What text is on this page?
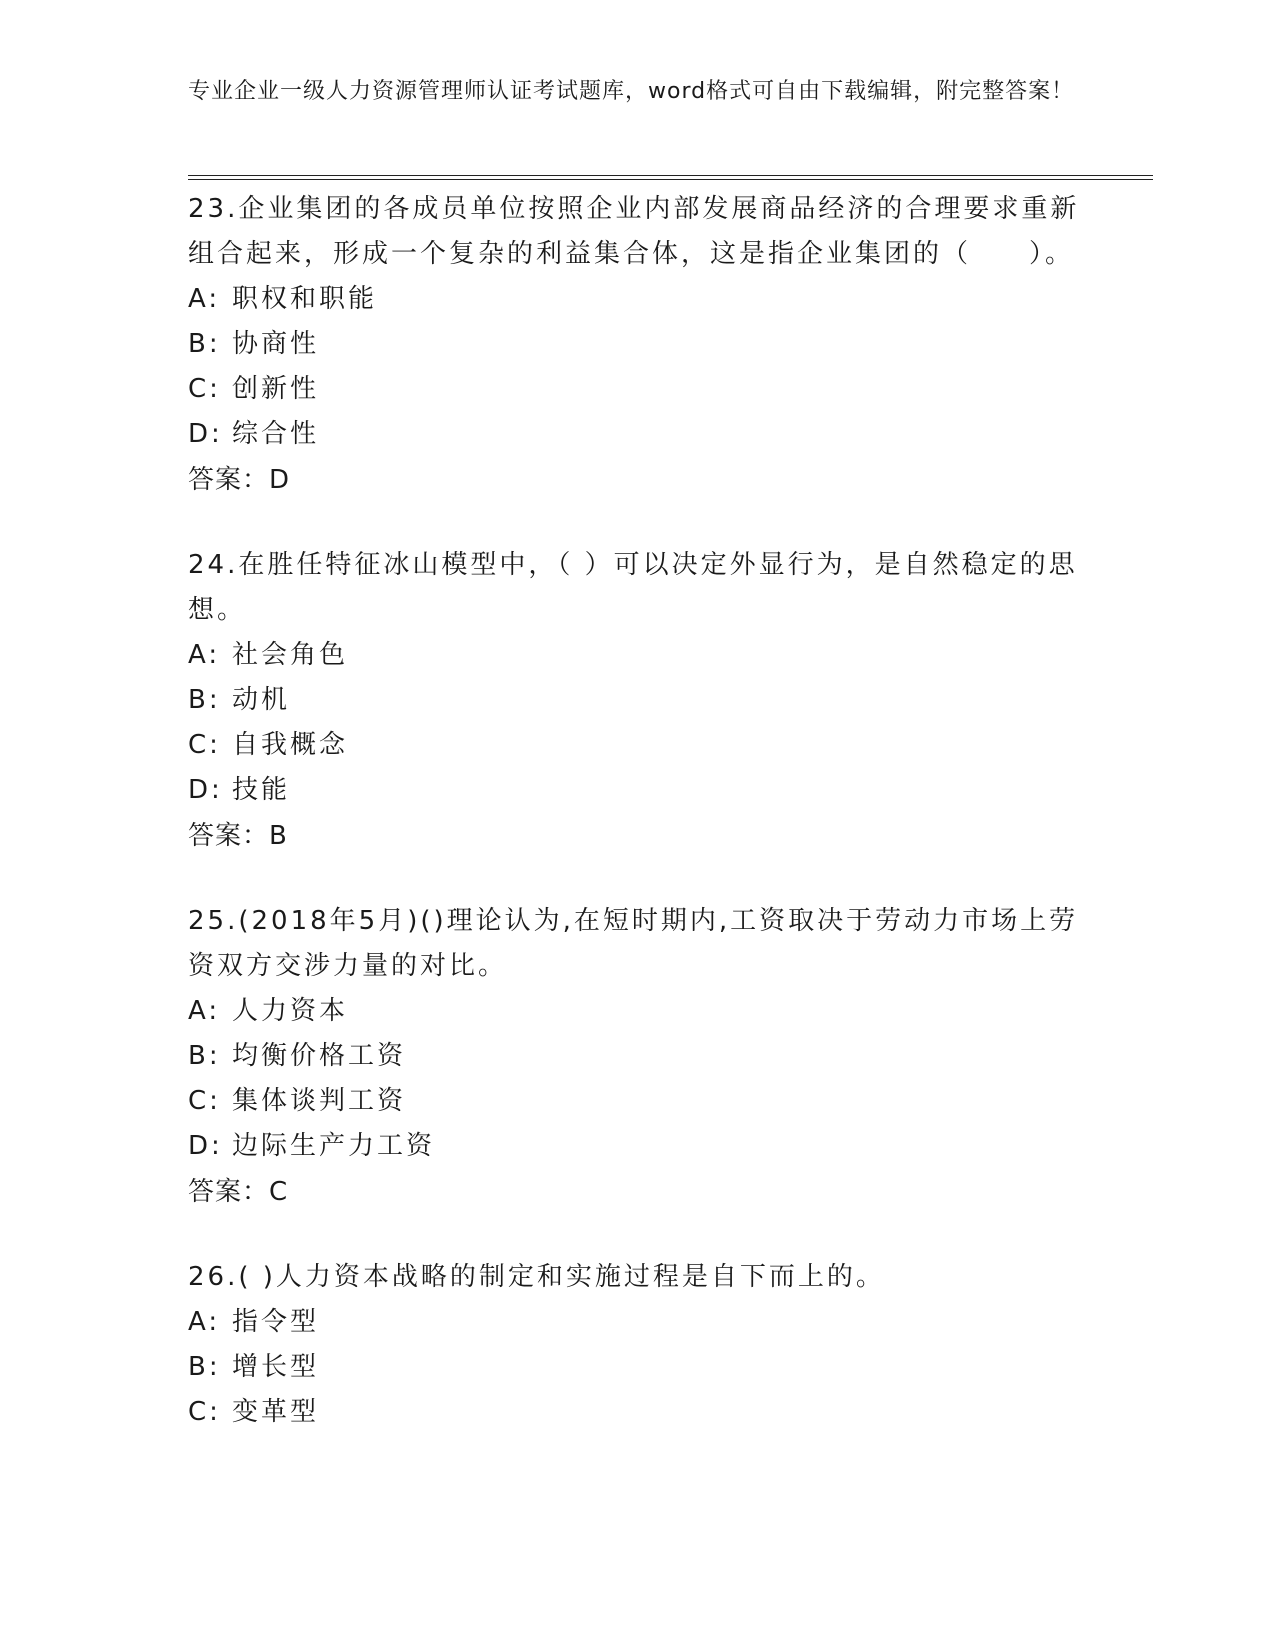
专业企业一级人力资源管理师认证考试题库，word格式可自由下载编辑，附完整答案！

23.企业集团的各成员单位按照企业内部发展商品经济的合理要求重新组合起来，形成一个复杂的利益集合体，这是指企业集团的（　　）。

A: 职权和职能

B: 协商性

C: 创新性

D: 综合性

答案：D

24.在胜任特征冰山模型中，（ ）可以决定外显行为，是自然稳定的思想。

A: 社会角色

B: 动机

C: 自我概念

D: 技能

答案：B

25.(2018年5月)()理论认为,在短时期内,工资取决于劳动力市场上劳资双方交涉力量的对比。

A: 人力资本

B: 均衡价格工资

C: 集体谈判工资

D: 边际生产力工资

答案：C

26.( )人力资本战略的制定和实施过程是自下而上的。

A: 指令型

B: 增长型

C: 变革型
